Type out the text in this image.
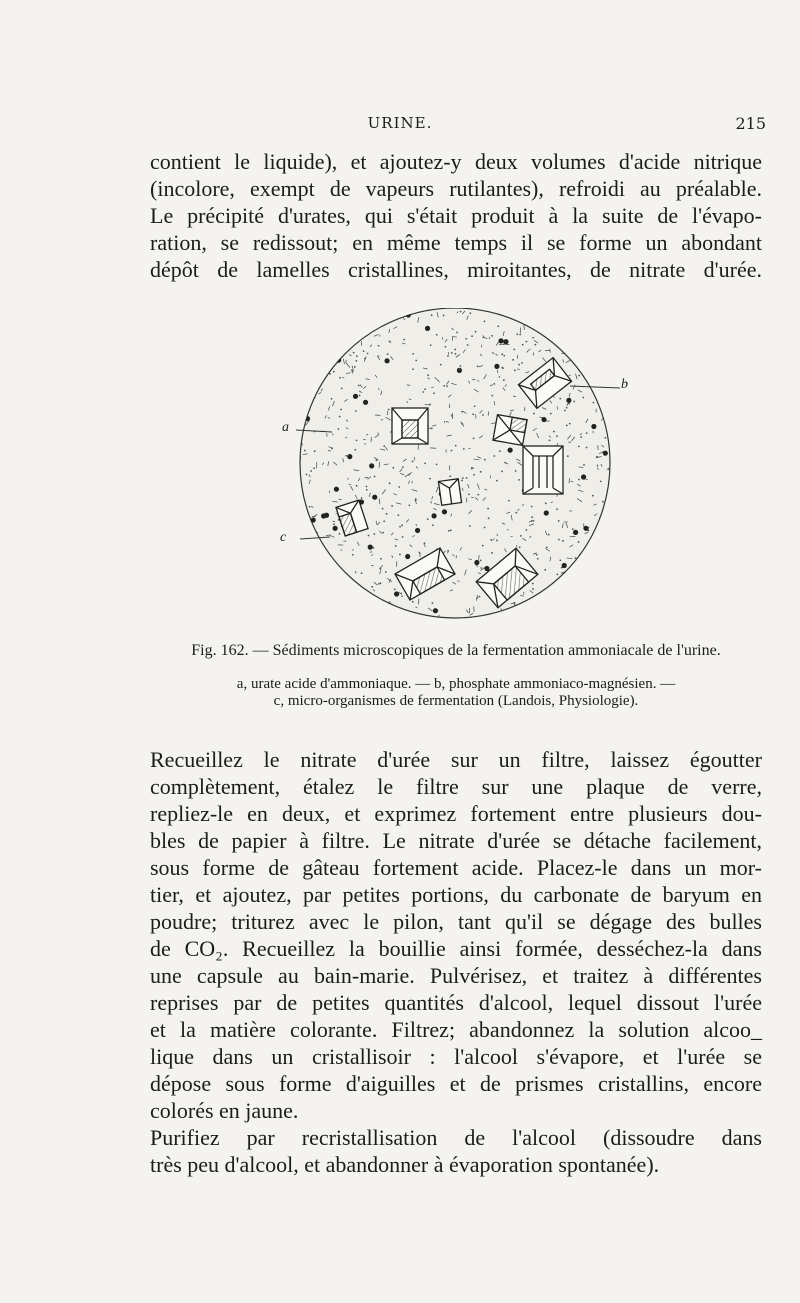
URINE.	215

contient le liquide), et ajoutez-y deux volumes d'acide nitrique
(incolore, exempt de vapeurs rutilantes), refroidi au préalable.
Le précipité d'urates, qui s'était produit à la suite de l'évapo-
ration, se redissout; en même temps il se forme un abondant
dépôt de lamelles cristallines, miroitantes, de nitrate d'urée.

a
b
c
Fig. 162. — Sédiments microscopiques de la fermentation ammoniacale de l'urine.
a, urate acide d'ammoniaque. — b, phosphate ammoniaco-magnésien. —
c, micro-organismes de fermentation (Landois, Physiologie).

Recueillez le nitrate d'urée sur un filtre, laissez égoutter
complètement, étalez le filtre sur une plaque de verre,
repliez-le en deux, et exprimez fortement entre plusieurs dou-
bles de papier à filtre. Le nitrate d'urée se détache facilement,
sous forme de gâteau fortement acide. Placez-le dans un mor-
tier, et ajoutez, par petites portions, du carbonate de baryum en
poudre; triturez avec le pilon, tant qu'il se dégage des bulles
de CO₂. Recueillez la bouillie ainsi formée, desséchez-la dans
une capsule au bain-marie. Pulvérisez, et traitez à différentes
reprises par de petites quantités d'alcool, lequel dissout l'urée
et la matière colorante. Filtrez; abandonnez la solution alcoo_
lique dans un cristallisoir : l'alcool s'évapore, et l'urée se
dépose sous forme d'aiguilles et de prismes cristallins, encore
colorés en jaune.

Purifiez par recristallisation de l'alcool (dissoudre dans
très peu d'alcool, et abandonner à évaporation spontanée).
